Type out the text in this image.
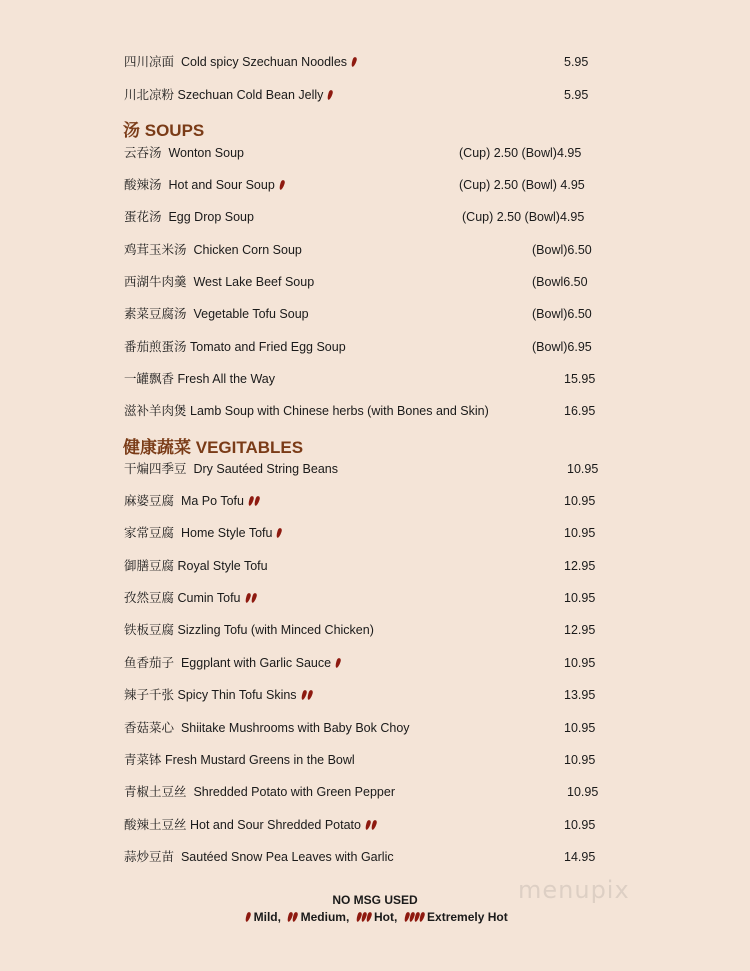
四川凉面 Cold spicy Szechuan Noodles	5.95
川北凉粉 Szechuan Cold Bean Jelly	5.95
汤 SOUPS
云吞汤 Wonton Soup	(Cup) 2.50 (Bowl)4.95
酸辣汤 Hot and Sour Soup	(Cup) 2.50 (Bowl) 4.95
蛋花汤 Egg Drop Soup	(Cup) 2.50 (Bowl)4.95
鸡茸玉米汤 Chicken Corn Soup	(Bowl)6.50
西湖牛肉羹 West Lake Beef Soup	(Bowl6.50
素菜豆腐汤 Vegetable Tofu Soup	(Bowl)6.50
番茄煎蛋汤 Tomato and Fried Egg Soup	(Bowl)6.95
一罐飘香 Fresh All the Way	15.95
滋补羊肉煲 Lamb Soup with Chinese herbs (with Bones and Skin)	16.95
健康蔬菜 VEGITABLES
干煸四季豆 Dry Sautéed String Beans	10.95
麻婆豆腐 Ma Po Tofu	10.95
家常豆腐 Home Style Tofu	10.95
御膳豆腐 Royal Style Tofu	12.95
孜然豆腐 Cumin Tofu	10.95
铁板豆腐 Sizzling Tofu (with Minced Chicken)	12.95
鱼香茄子 Eggplant with Garlic Sauce	10.95
辣子千张 Spicy Thin Tofu Skins	13.95
香菇菜心 Shiitake Mushrooms with Baby Bok Choy	10.95
青菜钵 Fresh Mustard Greens in the Bowl	10.95
青椒土豆丝 Shredded Potato with Green Pepper	10.95
酸辣土豆丝 Hot and Sour Shredded Potato	10.95
蒜炒豆苗 Sautéed Snow Pea Leaves with Garlic	14.95
menupix
NO MSG USED
Mild, Medium, Hot, Extremely Hot
